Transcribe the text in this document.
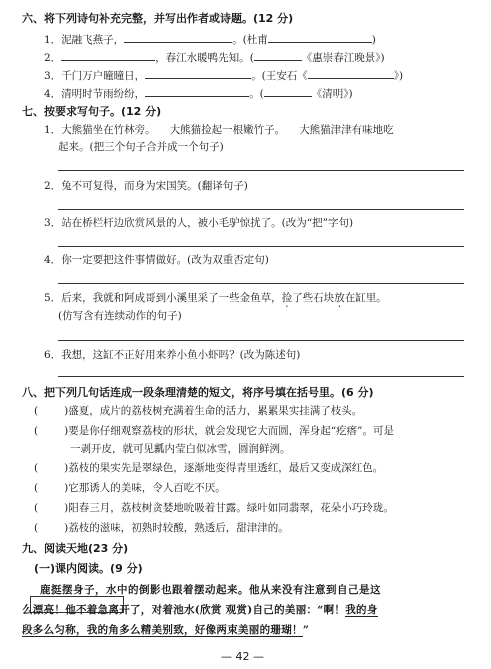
六、将下列诗句补充完整，并写出作者或诗题。(12 分)
1．泥融飞燕子，	。(杜甫	)
2．	，春江水暖鸭先知。(	《惠崇春江晚景》)
3．千门万户曈曈日，	。(王安石《	》)
4．清明时节雨纷纷，	。(	《清明》)
七、按要求写句子。(12 分)
1．大熊猫坐在竹林旁。 大熊猫捡起一根嫩竹子。 大熊猫津津有味地吃
起来。(把三个句子合并成一个句子)
2．兔不可复得，而身为宋国笑。(翻译句子)
3．站在桥栏杆边欣赏风景的人，被小毛驴惊扰了。(改为“把”字句)
4．你一定要把这件事情做好。(改为双重否定句)
5．后来，我就和阿成哥到小溪里采了一些金鱼草，捡了些石块放在缸里。
(仿写含有连续动作的句子)
6．我想，这缸不正好用来养小鱼小虾吗？(改为陈述句)
八、把下列几句话连成一段条理清楚的短文，将序号填在括号里。(6 分)
( )盛夏，成片的荔枝树充满着生命的活力，累累果实挂满了枝头。
( )要是你仔细观察荔枝的形状，就会发现它大而圆，浑身起“疙瘩”。可是
一剥开皮，就可见瓤内莹白似冰雪，圆润鲜洌。
( )荔枝的果实先是翠绿色，逐渐地变得青里透红，最后又变成深红色。
( )它那诱人的美味，令人百吃不厌。
( )阳春三月，荔枝树贪婪地吮吸着甘露。绿叶如同翡翠，花朵小巧玲珑。
( )荔枝的滋味，初熟时较酸，熟透后，甜津津的。
九、阅读天地(23 分)
(一)课内阅读。(9 分)
鹿挺摆身子，水中的倒影也跟着摆动起来。他从来没有注意到自己是这
么漂亮！他不着急离开了，对着池水(欣赏 观赏)自己的美丽：“啊！我的身
段多么匀称，我的角多么精美别致，好像两束美丽的珊瑚！”
— 42 —
